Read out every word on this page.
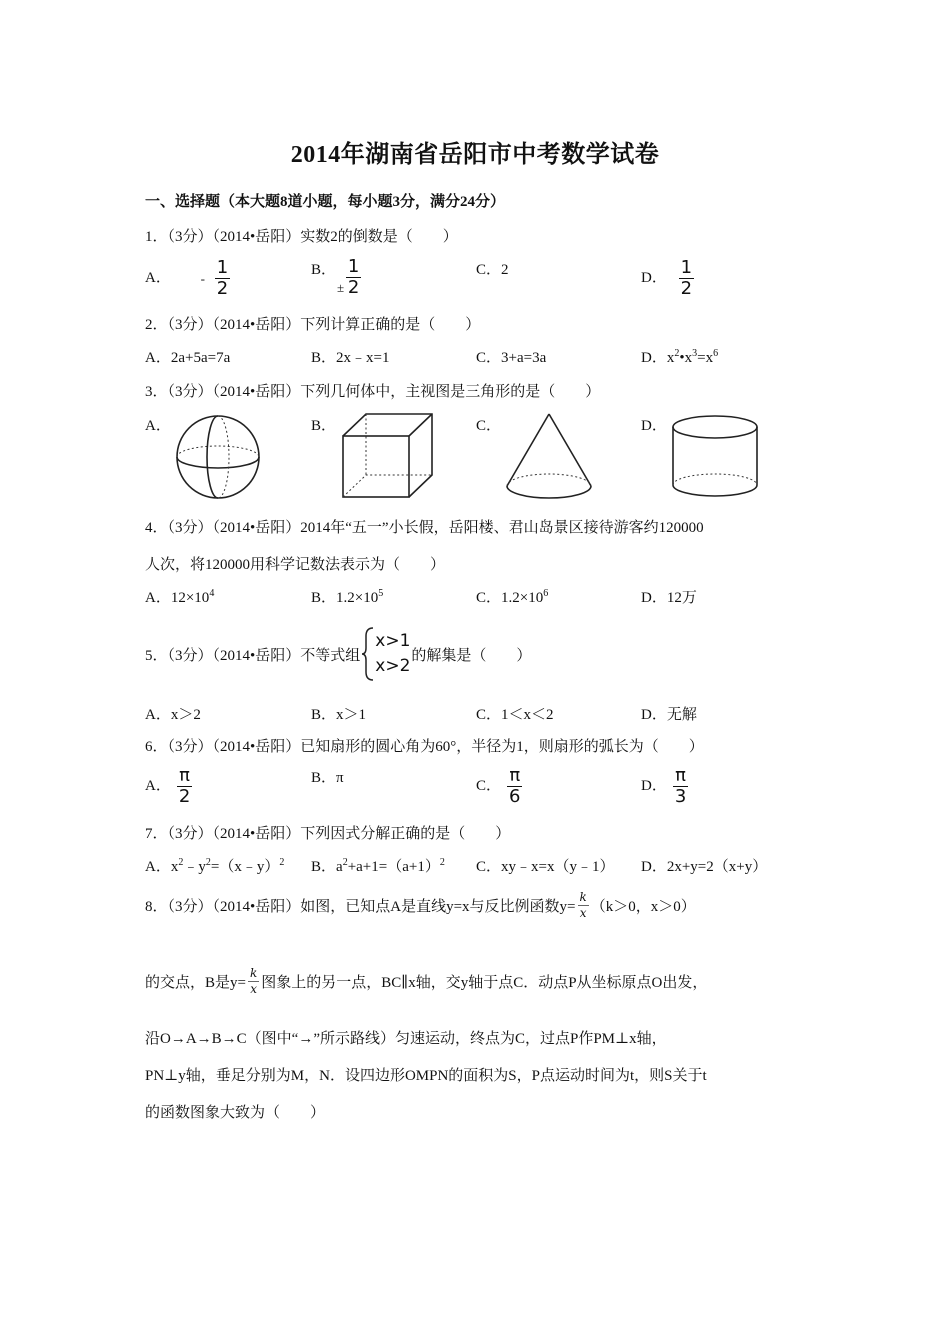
2014年湖南省岳阳市中考数学试卷
一、选择题（本大题8道小题，每小题3分，满分24分）
1．（3分）（2014•岳阳）实数2的倒数是（　　）
A． - $\frac{1}{2}$	B．
± $\frac{1}{2}$	C．2	D． $\frac{1}{2}$
2．（3分）（2014•岳阳）下列计算正确的是（　　）
A．2a+5a=7a	B．2x﹣x=1	C．3+a=3a	D．$x^2•x^3=x^6$
3．（3分）（2014•岳阳）下列几何体中，主视图是三角形的是（　　）
A．	B．	C．	D．
4．（3分）（2014•岳阳）2014年“五一”小长假，岳阳楼、君山岛景区接待游客约120000
人次，将120000用科学记数法表示为（　　）
A．$12\times 10^4$	B．$1.2\times 10^5$	C．$1.2\times 10^6$	D．12万
5．（3分）（2014•岳阳）不等式组
x>1
x>2
的解集是（　　）
A．x＞2	B．x＞1	C．1＜x＜2	D．无解
6．（3分）（2014•岳阳）已知扇形的圆心角为60°，半径为1，则扇形的弧长为（　　）
A． $\frac{\pi}{2}$	B．π	C． $\frac{\pi}{6}$	D． $\frac{\pi}{3}$
7．（3分）（2014•岳阳）下列因式分解正确的是（　　）
A．$x^2﹣y^2=(x﹣y)^2$ B．$a^2+a+1=(a+1)^2$ C．xy﹣x=x（y﹣1） D．2x+y=2（x+y）
8．（3分）（2014•岳阳）如图，已知点A是直线y=x与反比例函数$y= \frac{k}{x} (k>0$，x＞0）
的交点，B是$y= \frac{k}{x}$ 图象上的另一点，BC∥x轴，交y轴于点C．动点P从坐标原点O出发，
沿O→A→B→C（图中“→”所示路线）匀速运动，终点为C，过点P作PM⊥x轴，
PN⊥y轴，垂足分别为M，N．设四边形OMPN的面积为S，P点运动时间为t，则S关于t
的函数图象大致为（　　）
